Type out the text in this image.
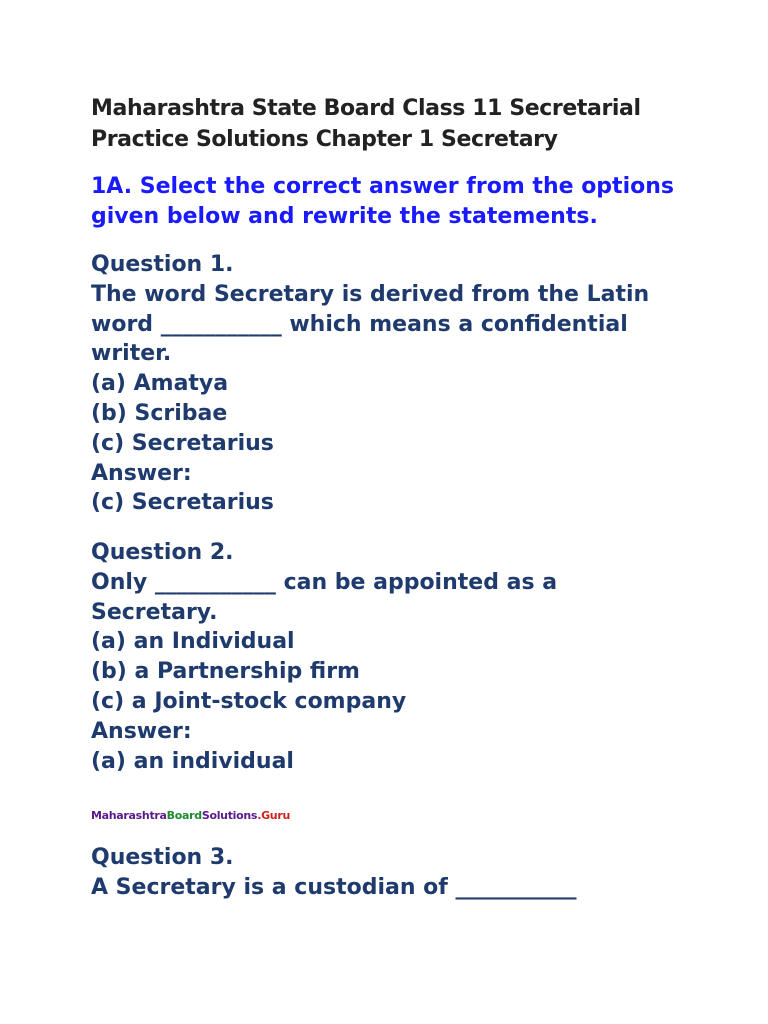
Maharashtra State Board Class 11 Secretarial
Practice Solutions Chapter 1 Secretary
1A. Select the correct answer from the options
given below and rewrite the statements.
Question 1.
The word Secretary is derived from the Latin
word ___________ which means a confidential
writer.
(a) Amatya
(b) Scribae
(c) Secretarius
Answer:
(c) Secretarius
Question 2.
Only ___________ can be appointed as a
Secretary.
(a) an Individual
(b) a Partnership firm
(c) a Joint-stock company
Answer:
(a) an individual
MaharashtraBoardSolutions.Guru
Question 3.
A Secretary is a custodian of ___________
